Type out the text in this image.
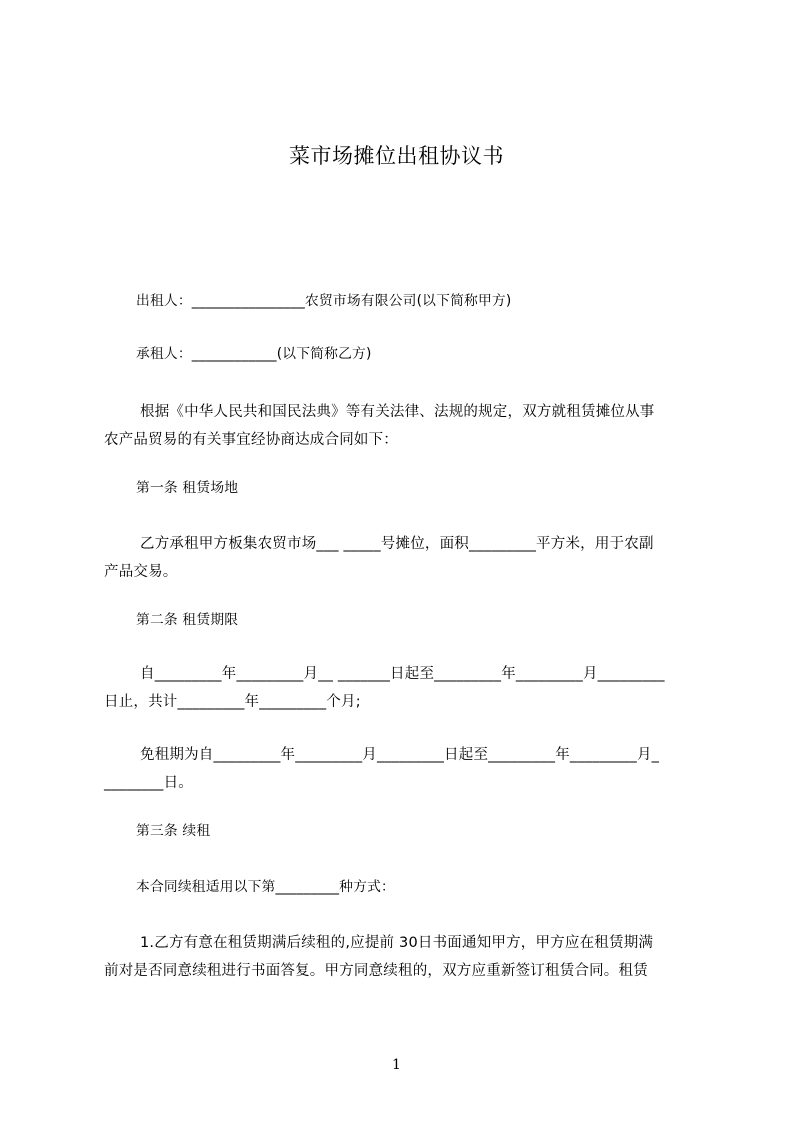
菜市场摊位出租协议书
出租人：________________农贸市场有限公司(以下简称甲方)
承租人：____________(以下简称乙方)
根据《中华人民共和国民法典》等有关法律、法规的规定，双方就租赁摊位从事
农产品贸易的有关事宜经协商达成合同如下：
第一条 租赁场地
乙方承租甲方板集农贸市场___ _____号摊位，面积_________平方米，用于农副
产品交易。
第二条 租赁期限
自_________年_________月__ _______日起至_________年_________月_________
日止，共计_________年_________个月;
免租期为自_________年_________月_________日起至_________年_________月_
________日。
第三条 续租
本合同续租适用以下第_________种方式：
1.乙方有意在租赁期满后续租的,应提前 30日书面通知甲方，甲方应在租赁期满
前对是否同意续租进行书面答复。甲方同意续租的，双方应重新签订租赁合同。租赁
1
